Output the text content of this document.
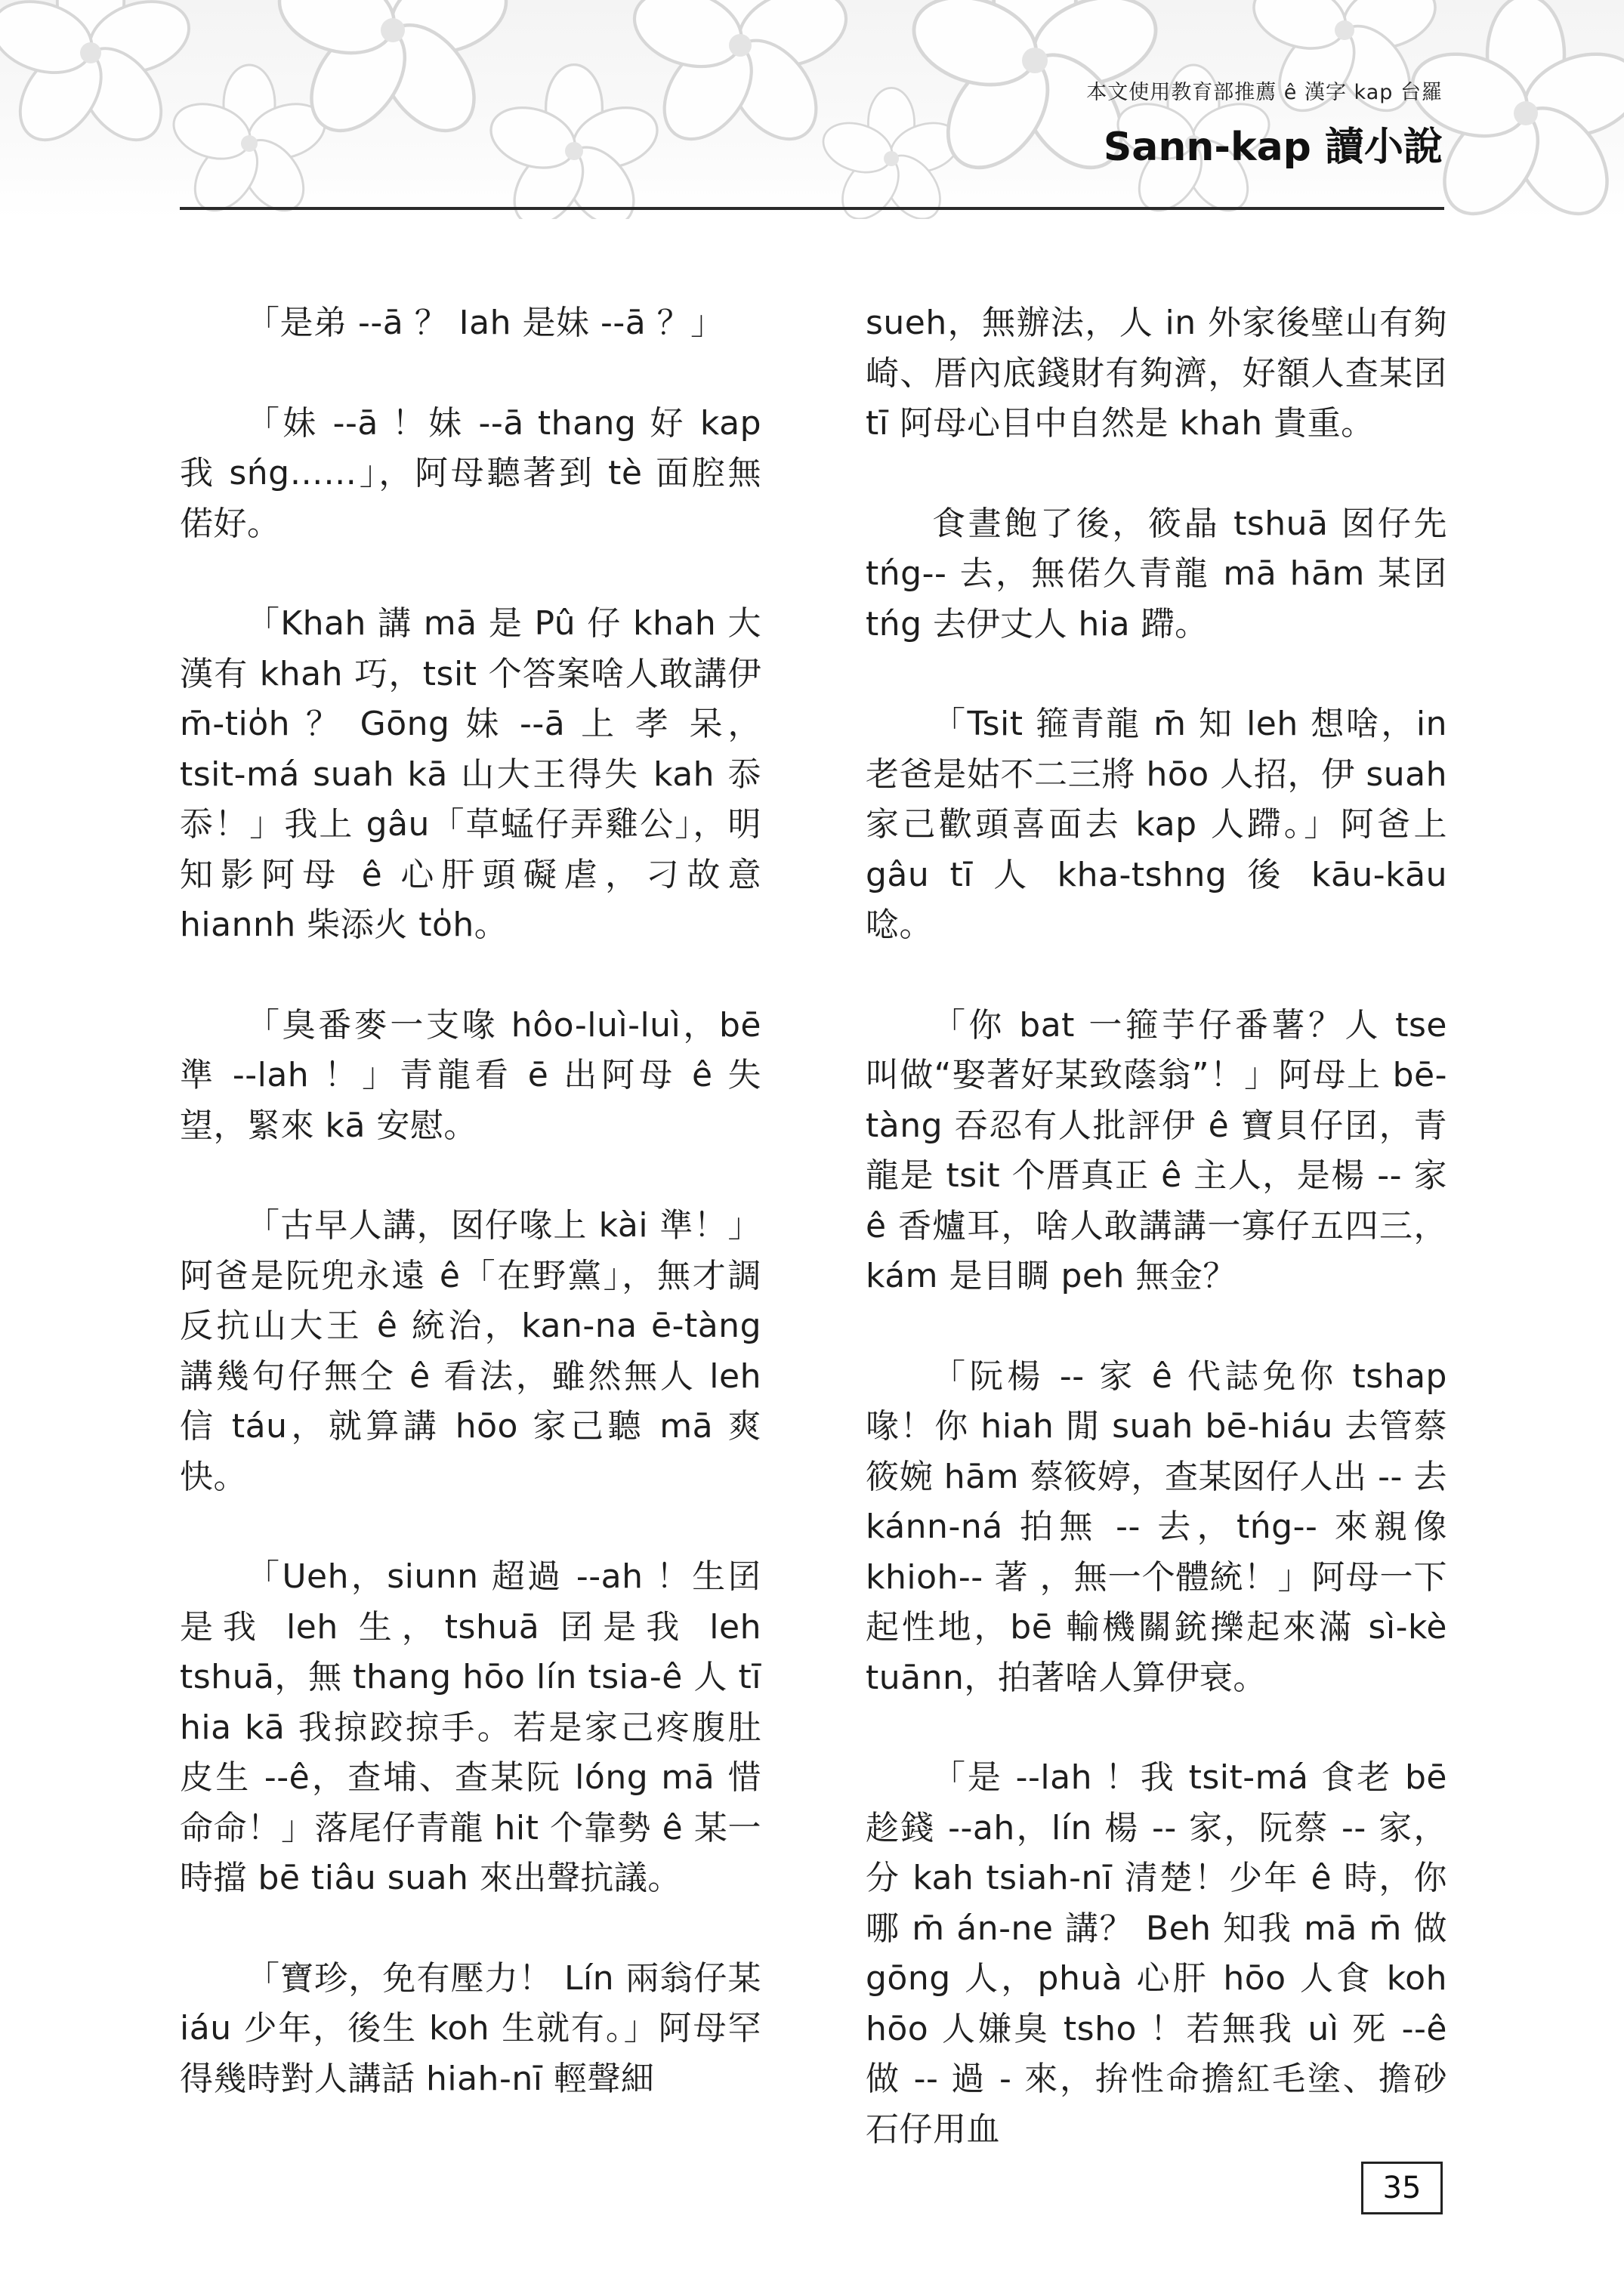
本文使用教育部推薦 ê 漢字 kap 台羅
Sann-kap 讀小說

「是弟 --ā ？ Iah 是妹 --ā ？」

「妹 --ā ！妹 --ā thang 好 kap 我 sńg……」，阿母聽著到 tè 面腔無偌好。

「Khah 講 mā 是 Pû 仔 khah 大漢有 khah 巧，tsit 个答案啥人敢講伊 m̄-tio̍h ？ Gōng 妹 --ā 上 孝 呆，tsit-má suah kā 山大王得失 kah 忝忝！」我上 gâu「草蜢仔弄雞公」，明知影阿母 ê 心肝頭礙虐，刁故意 hiannh 柴添火 to̍h。

「臭番麥一支喙 hôo-luì-luì，bē 準 --lah ！」青龍看 ē 出阿母 ê 失望，緊來 kā 安慰。

「古早人講，囡仔喙上 kài 準！」阿爸是阮兜永遠 ê「在野黨」，無才調反抗山大王 ê 統治，kan-na ē-tàng 講幾句仔無仝 ê 看法，雖然無人 leh 信 táu，就算講 hōo 家己聽 mā 爽快。

「Ueh，siunn 超過 --ah ！生囝是我 leh 生，tshuā 囝是我 leh tshuā，無 thang hōo lín tsia-ê 人 tī hia kā 我掠跤掠手。若是家己疼腹肚皮生 --ê，查埔、查某阮 lóng mā 惜命命！」落尾仔青龍 hit 个靠勢 ê 某一時擋 bē tiâu suah 來出聲抗議。

「寶珍，免有壓力！ Lín 兩翁仔某 iáu 少年，後生 koh 生就有。」阿母罕得幾時對人講話 hiah-nī 輕聲細

sueh，無辦法，人 in 外家後壁山有夠崎、厝內底錢財有夠濟，好額人查某囝 tī 阿母心目中自然是 khah 貴重。

食晝飽了後，筱晶 tshuā 囡仔先 tńg-- 去，無偌久青龍 mā hām 某囝 tńg 去伊丈人 hia 蹛。

「Tsit 箍青龍 m̄ 知 leh 想啥，in 老爸是姑不二三將 hōo 人招，伊 suah 家己歡頭喜面去 kap 人蹛。」阿爸上 gâu tī 人 kha-tshng 後 kāu-kāu 唸。

「你 bat 一箍芋仔番薯？人 tse 叫做“娶著好某致蔭翁”！」阿母上 bē-tàng 吞忍有人批評伊 ê 寶貝仔囝，青龍是 tsit 个厝真正 ê 主人，是楊 -- 家 ê 香爐耳，啥人敢講講一寡仔五四三，kám 是目睭 peh 無金？

「阮楊 -- 家 ê 代誌免你 tshap 喙！你 hiah 閒 suah bē-hiáu 去管蔡筱婉 hām 蔡筱婷，查某囡仔人出 -- 去 kánn-ná 拍無 -- 去，tńg-- 來親像 khioh-- 著 ，無一个體統！」阿母一下起性地，bē 輸機關銃擽起來滿 sì-kè tuānn，拍著啥人算伊衰。

「是 --lah ！我 tsit-má 食老 bē 趁錢 --ah，lín 楊 -- 家，阮蔡 -- 家，分 kah tsiah-nī 清楚！少年 ê 時，你哪 m̄ án-ne 講？ Beh 知我 mā m̄ 做 gōng 人，phuà 心肝 hōo 人食 koh hōo 人嫌臭 tsho ！若無我 uì 死 --ê 做 -- 過 - 來，拚性命擔紅毛塗、擔砂石仔用血

35
